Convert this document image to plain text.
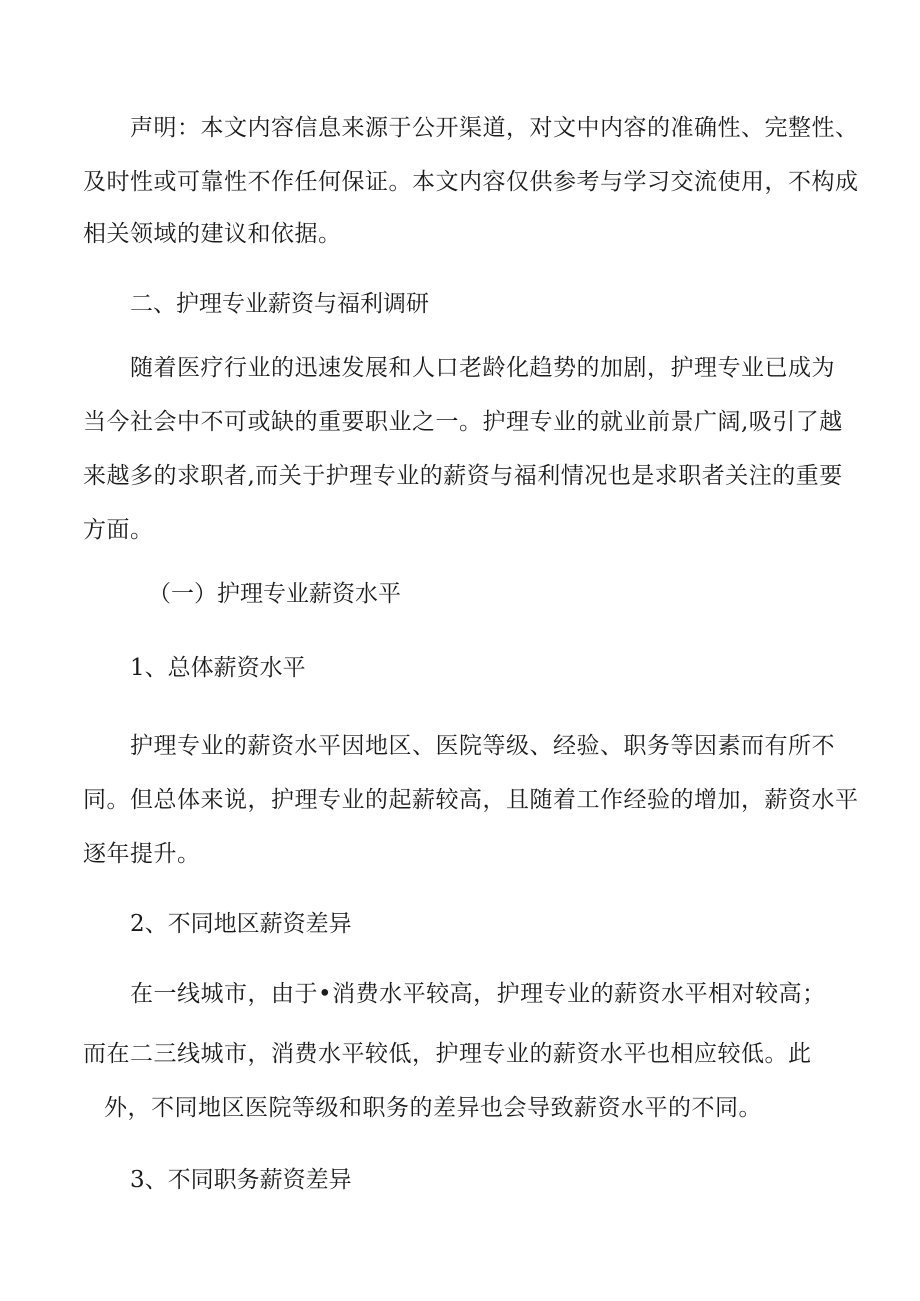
声明：本文内容信息来源于公开渠道，对文中内容的准确性、完整性、
及时性或可靠性不作任何保证。本文内容仅供参考与学习交流使用，不构成
相关领域的建议和依据。
二、护理专业薪资与福利调研
随着医疗行业的迅速发展和人口老龄化趋势的加剧，护理专业已成为
当今社会中不可或缺的重要职业之一。护理专业的就业前景广阔,吸引了越
来越多的求职者,而关于护理专业的薪资与福利情况也是求职者关注的重要
方面。
（一）护理专业薪资水平
1、总体薪资水平
护理专业的薪资水平因地区、医院等级、经验、职务等因素而有所不
同。但总体来说，护理专业的起薪较高，且随着工作经验的增加，薪资水平
逐年提升。
2、不同地区薪资差异
在一线城市，由于•消费水平较高，护理专业的薪资水平相对较高；
而在二三线城市，消费水平较低，护理专业的薪资水平也相应较低。此
外，不同地区医院等级和职务的差异也会导致薪资水平的不同。
3、不同职务薪资差异
